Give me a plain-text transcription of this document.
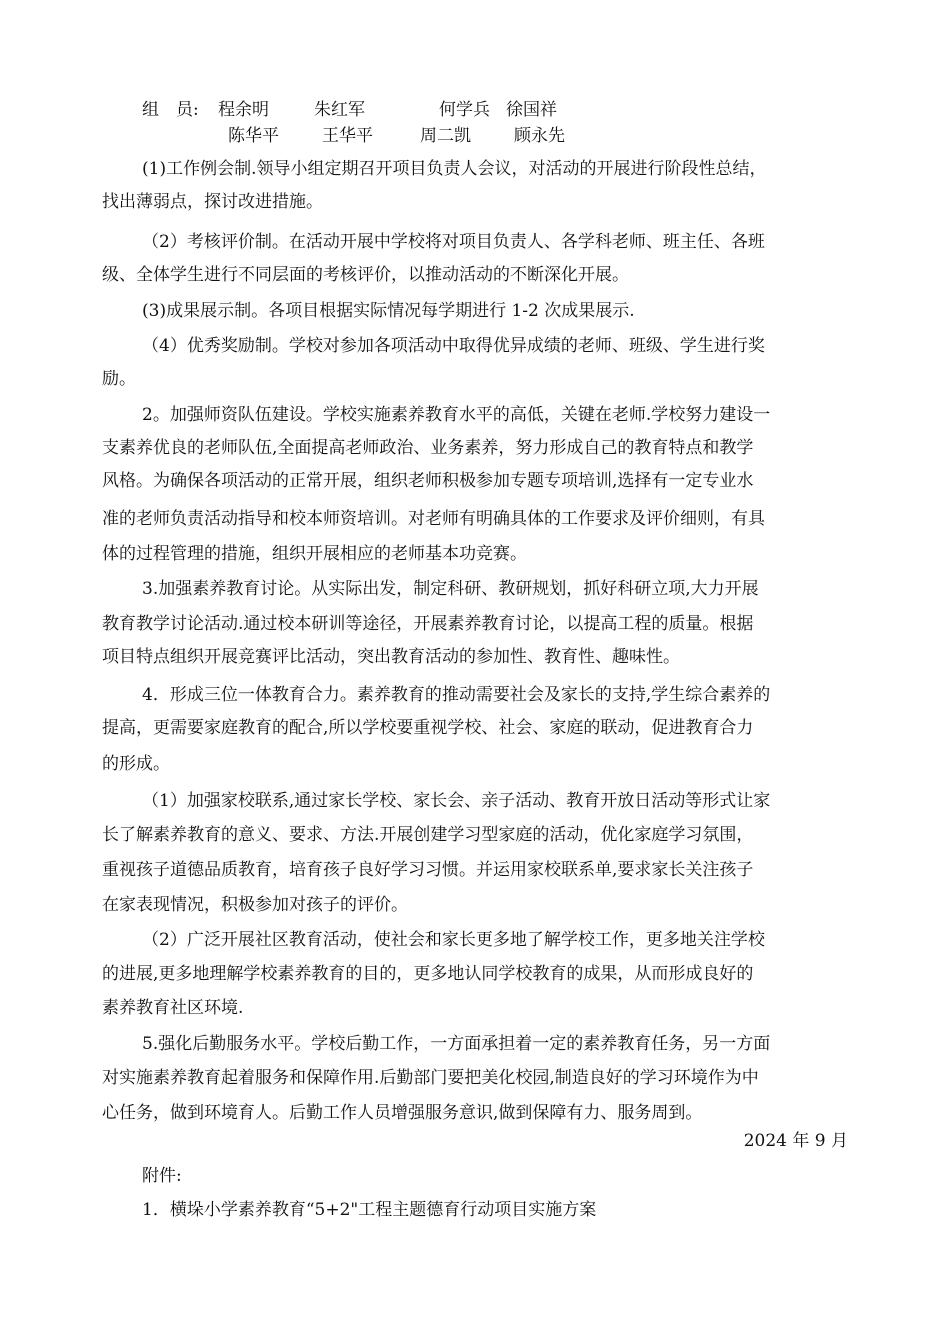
组　员: 程余明	朱红军	何学兵 徐国祥
陈华平	王华平	周二凯	顾永先
(1)工作例会制.领导小组定期召开项目负责人会议，对活动的开展进行阶段性总结，
找出薄弱点，探讨改进措施。
（2）考核评价制。在活动开展中学校将对项目负责人、各学科老师、班主任、各班
级、全体学生进行不同层面的考核评价，以推动活动的不断深化开展。
(3)成果展示制。各项目根据实际情况每学期进行 1-2 次成果展示.
（4）优秀奖励制。学校对参加各项活动中取得优异成绩的老师、班级、学生进行奖
励。
2。加强师资队伍建设。学校实施素养教育水平的高低，关键在老师.学校努力建设一
支素养优良的老师队伍,全面提高老师政治、业务素养，努力形成自己的教育特点和教学
风格。为确保各项活动的正常开展，组织老师积极参加专题专项培训,选择有一定专业水
准的老师负责活动指导和校本师资培训。对老师有明确具体的工作要求及评价细则，有具
体的过程管理的措施，组织开展相应的老师基本功竞赛。
3.加强素养教育讨论。从实际出发，制定科研、教研规划，抓好科研立项,大力开展
教育教学讨论活动.通过校本研训等途径，开展素养教育讨论，以提高工程的质量。根据
项目特点组织开展竞赛评比活动，突出教育活动的参加性、教育性、趣味性。
4．形成三位一体教育合力。素养教育的推动需要社会及家长的支持,学生综合素养的
提高，更需要家庭教育的配合,所以学校要重视学校、社会、家庭的联动，促进教育合力
的形成。
（1）加强家校联系,通过家长学校、家长会、亲子活动、教育开放日活动等形式让家
长了解素养教育的意义、要求、方法.开展创建学习型家庭的活动，优化家庭学习氛围，
重视孩子道德品质教育，培育孩子良好学习习惯。并运用家校联系单,要求家长关注孩子
在家表现情况，积极参加对孩子的评价。
（2）广泛开展社区教育活动，使社会和家长更多地了解学校工作，更多地关注学校
的进展,更多地理解学校素养教育的目的，更多地认同学校教育的成果，从而形成良好的
素养教育社区环境.
5.强化后勤服务水平。学校后勤工作，一方面承担着一定的素养教育任务，另一方面
对实施素养教育起着服务和保障作用.后勤部门要把美化校园,制造良好的学习环境作为中
心任务，做到环境育人。后勤工作人员增强服务意识,做到保障有力、服务周到。
2024 年 9 月
附件:
1．横垛小学素养教育“5+2"工程主题德育行动项目实施方案
